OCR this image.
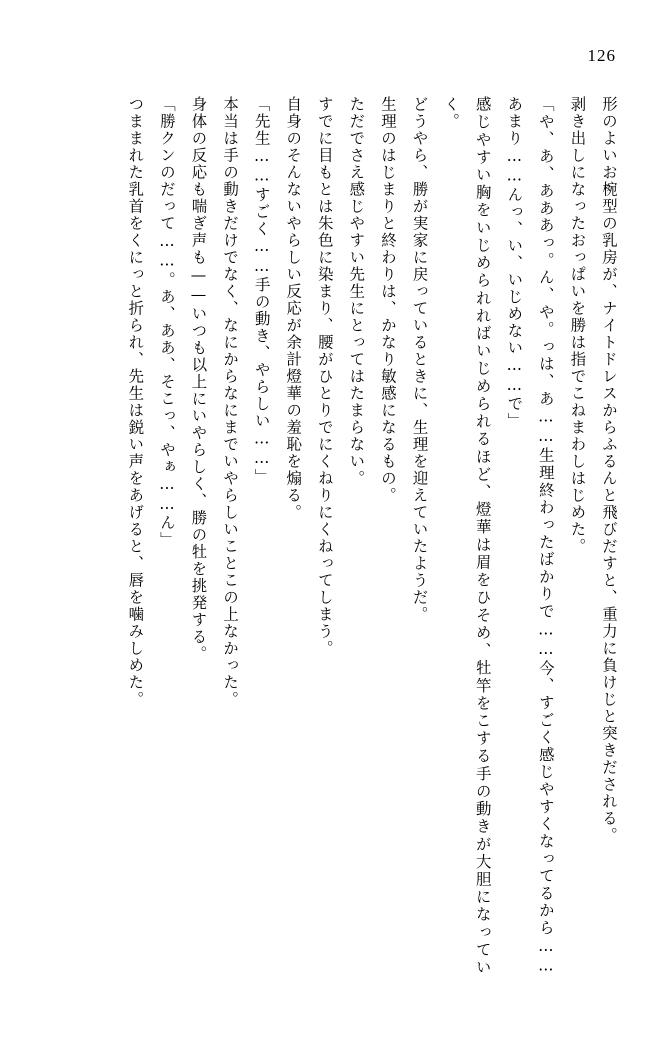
126

形のよいお椀型の乳房が、ナイトドレスからふるんと飛びだすと、重力に負けじと突きだされる。

剥き出しになったおっぱいを勝は指でこねまわしはじめた。

「や、あ、あああっ。ん、や。っは、あ……生理終わったばかりで……今、すごく感じやすくなってるから……あまり……んっ、い、いじめない……で」

感じやすい胸をいじめられればいじめられるほど、燈華は眉をひそめ、牡竿をこする手の動きが大胆になっていく。

どうやら、勝が実家に戻っているときに、生理を迎えていたようだ。

生理のはじまりと終わりは、かなり敏感になるもの。

ただでさえ感じやすい先生にとってはたまらない。

すでに目もとは朱色に染まり、腰がひとりでにくねりにくねってしまう。

自身のそんないやらしい反応が余計燈華の羞恥を煽る。

「先生……すごく……手の動き、やらしい……」

本当は手の動きだけでなく、なにからなにまでいやらしいことこの上なかった。

身体の反応も喘ぎ声も——いつも以上にいやらしく、勝の牡を挑発する。

「勝クンのだって……。あ、ああ、そこっ、やぁ……ん」

つままれた乳首をくにっと折られ、先生は鋭い声をあげると、唇を噛みしめた。
